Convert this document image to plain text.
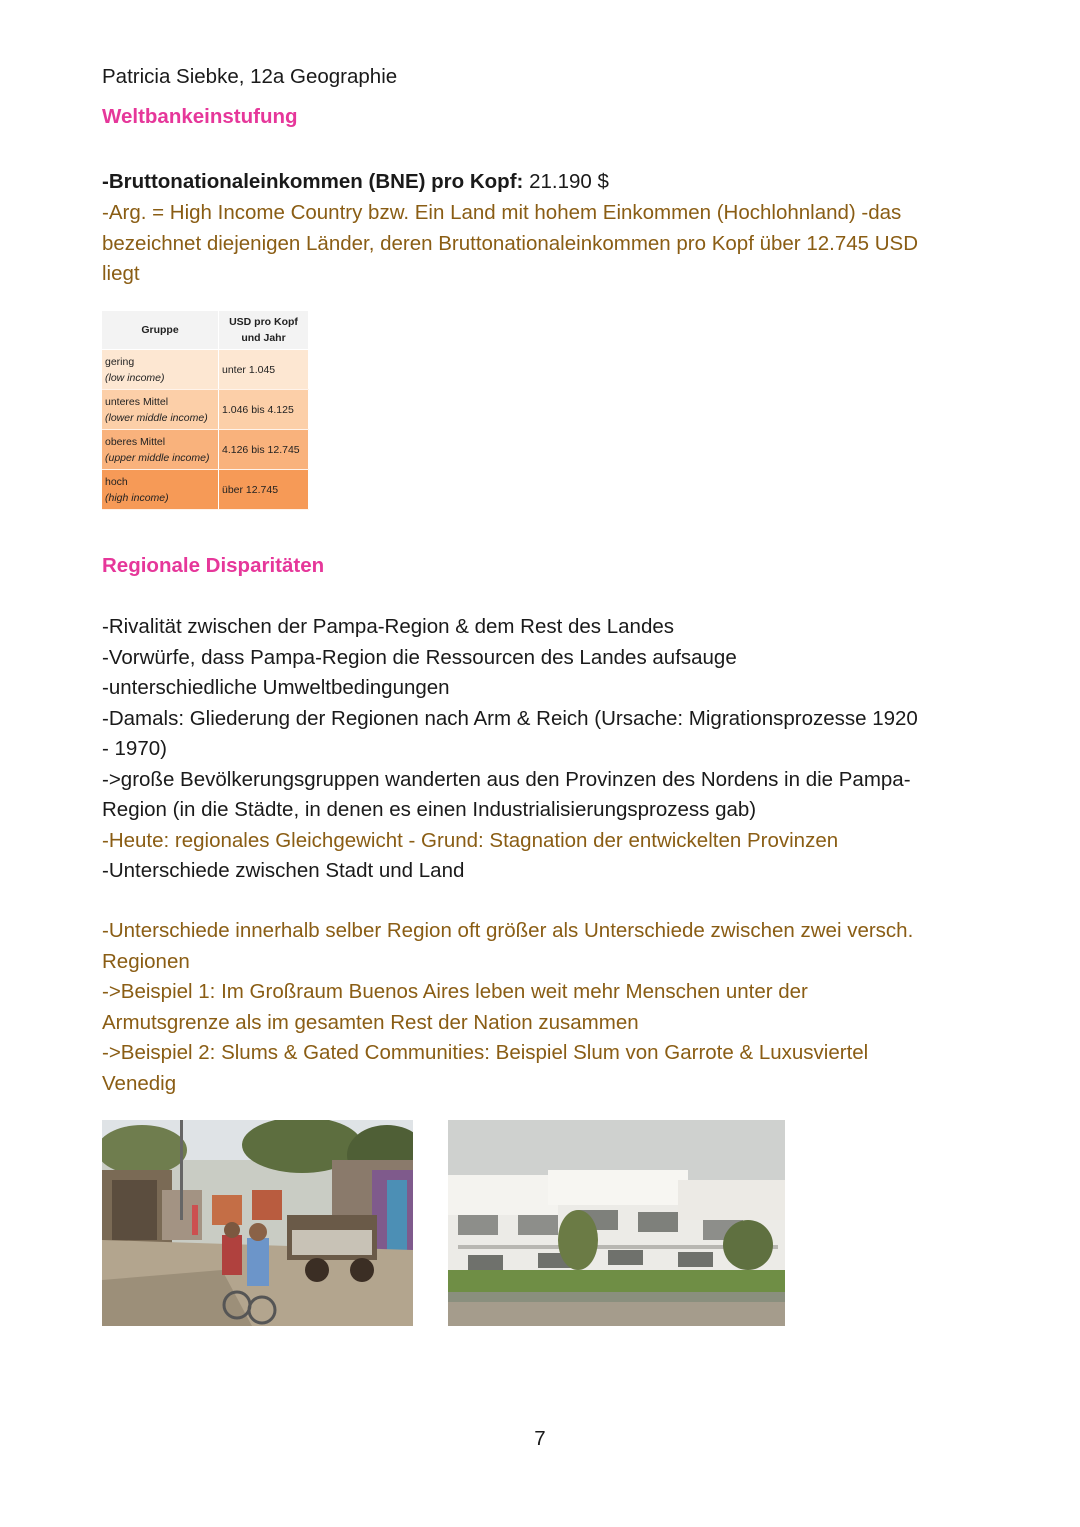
Patricia Siebke, 12a Geographie

Weltbankeinstufung

-Bruttonationaleinkommen (BNE) pro Kopf: 21.190 $

-Arg. = High Income Country bzw. Ein Land mit hohem Einkommen (Hochlohnland) -das

bezeichnet diejenigen Länder, deren Bruttonationaleinkommen pro Kopf über 12.745 USD

liegt

Gruppe	USD pro Kopf
und Jahr

gering
(low income)	unter 1.045

unteres Mittel
(lower middle income)	1.046 bis 4.125

oberes Mittel
(upper middle income)	4.126 bis 12.745

hoch
(high income)	über 12.745

Regionale Disparitäten

-Rivalität zwischen der Pampa-Region & dem Rest des Landes

-Vorwürfe, dass Pampa-Region die Ressourcen des Landes aufsauge

-unterschiedliche Umweltbedingungen

-Damals: Gliederung der Regionen nach Arm & Reich (Ursache: Migrationsprozesse 1920

- 1970)

->große Bevölkerungsgruppen wanderten aus den Provinzen des Nordens in die Pampa-

Region (in die Städte, in denen es einen Industrialisierungsprozess gab)

-Heute: regionales Gleichgewicht - Grund: Stagnation der entwickelten Provinzen

-Unterschiede zwischen Stadt und Land

-Unterschiede innerhalb selber Region oft größer als Unterschiede zwischen zwei versch.

Regionen

->Beispiel 1: Im Großraum Buenos Aires leben weit mehr Menschen unter der

Armutsgrenze als im gesamten Rest der Nation zusammen

->Beispiel 2: Slums & Gated Communities: Beispiel Slum von Garrote & Luxusviertel

Venedig

7
